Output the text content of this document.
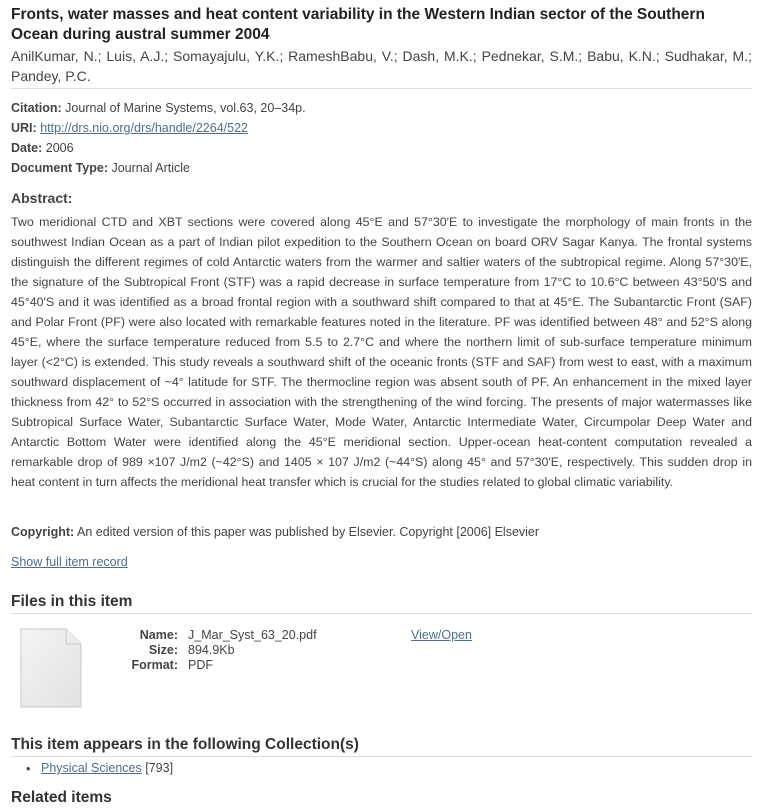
Fronts, water masses and heat content variability in the Western Indian sector of the Southern Ocean during austral summer 2004
AnilKumar, N.; Luis, A.J.; Somayajulu, Y.K.; RameshBabu, V.; Dash, M.K.; Pednekar, S.M.; Babu, K.N.; Sudhakar, M.; Pandey, P.C.
Citation: Journal of Marine Systems, vol.63, 20–34p.
URI: http://drs.nio.org/drs/handle/2264/522
Date: 2006
Document Type: Journal Article
Abstract:

Two meridional CTD and XBT sections were covered along 45°E and 57°30′E to investigate the morphology of main fronts in the southwest Indian Ocean as a part of Indian pilot expedition to the Southern Ocean on board ORV Sagar Kanya. The frontal systems distinguish the different regimes of cold Antarctic waters from the warmer and saltier waters of the subtropical regime. Along 57°30′E, the signature of the Subtropical Front (STF) was a rapid decrease in surface temperature from 17°C to 10.6°C between 43°50′S and 45°40′S and it was identified as a broad frontal region with a southward shift compared to that at 45°E. The Subantarctic Front (SAF) and Polar Front (PF) were also located with remarkable features noted in the literature. PF was identified between 48° and 52°S along 45°E, where the surface temperature reduced from 5.5 to 2.7°C and where the northern limit of sub-surface temperature minimum layer (<2°C) is extended. This study reveals a southward shift of the oceanic fronts (STF and SAF) from west to east, with a maximum southward displacement of ~4° latitude for STF. The thermocline region was absent south of PF. An enhancement in the mixed layer thickness from 42° to 52°S occurred in association with the strengthening of the wind forcing. The presents of major watermasses like Subtropical Surface Water, Subantarctic Surface Water, Mode Water, Antarctic Intermediate Water, Circumpolar Deep Water and Antarctic Bottom Water were identified along the 45°E meridional section. Upper-ocean heat-content computation revealed a remarkable drop of 989 ×107 J/m2 (~42°S) and 1405 × 107 J/m2 (~44°S) along 45° and 57°30′E, respectively. This sudden drop in heat content in turn affects the meridional heat transfer which is crucial for the studies related to global climatic variability.

Copyright: An edited version of this paper was published by Elsevier. Copyright [2006] Elsevier
Show full item record
Files in this item
Name: J_Mar_Syst_63_20.pdf
Size: 894.9Kb
Format: PDF
View/Open
This item appears in the following Collection(s)
• Physical Sciences [793]
Related items
